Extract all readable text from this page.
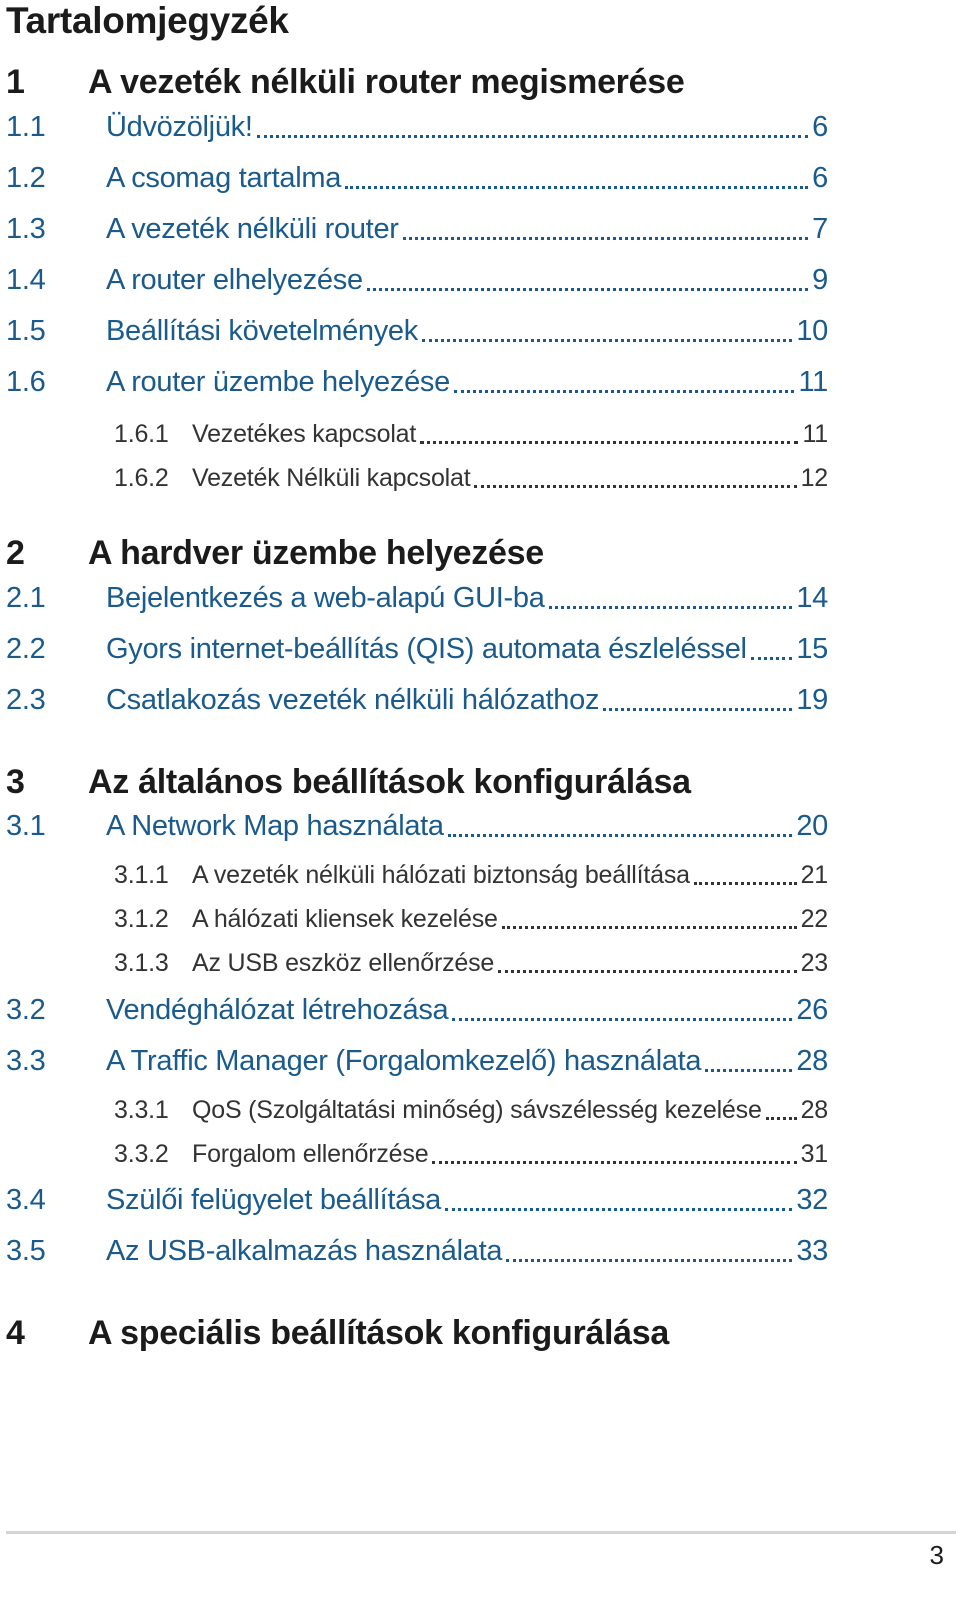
Tartalomjegyzék
1 A vezeték nélküli router megismerése
1.1 Üdvözöljük!	6
1.2 A csomag tartalma	6
1.3 A vezeték nélküli router	7
1.4 A router elhelyezése	9
1.5 Beállítási követelmények	10
1.6 A router üzembe helyezése	11
1.6.1 Vezetékes kapcsolat	11
1.6.2 Vezeték Nélküli kapcsolat	12
2 A hardver üzembe helyezése
2.1 Bejelentkezés a web-alapú GUI-ba	14
2.2 Gyors internet-beállítás (QIS) automata észleléssel 15
2.3 Csatlakozás vezeték nélküli hálózathoz	19
3 Az általános beállítások konfigurálása
3.1 A Network Map használata	20
3.1.1 A vezeték nélküli hálózati biztonság beállítása	21
3.1.2 A hálózati kliensek kezelése	22
3.1.3 Az USB eszköz ellenőrzése	23
3.2 Vendéghálózat létrehozása	26
3.3 A Traffic Manager (Forgalomkezelő) használata	28
3.3.1 QoS (Szolgáltatási minőség) sávszélesség kezelése 28
3.3.2 Forgalom ellenőrzése	31
3.4 Szülői felügyelet beállítása	32
3.5 Az USB-alkalmazás használata	33
4 A speciális beállítások konfigurálása
3
